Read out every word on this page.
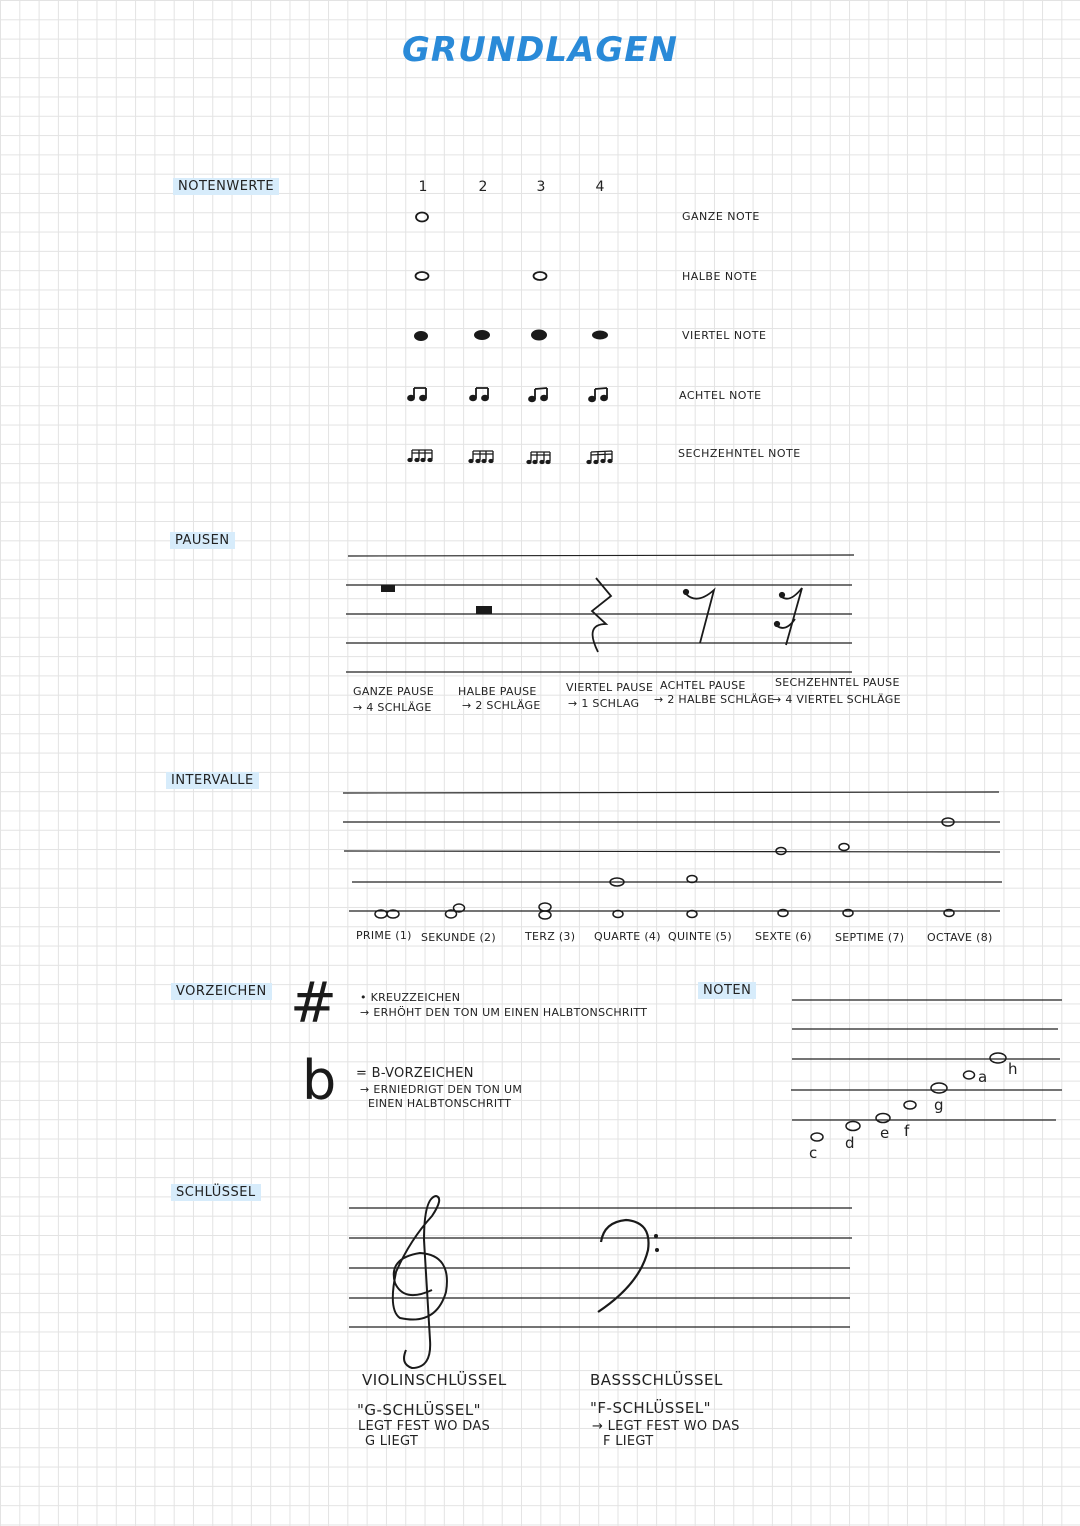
GRUNDLAGEN
NOTENWERTE	1	2	3	4
GANZE NOTE
HALBE NOTE
VIERTEL NOTE
ACHTEL NOTE
SECHZEHNTEL NOTE
PAUSEN
GANZE PAUSE
→ 4 SCHLÄGE
HALBE PAUSE
→ 2 SCHLÄGE
VIERTEL PAUSE
→ 1 SCHLAG
ACHTEL PAUSE
→ 2 HALBE SCHLÄGE
SECHZEHNTEL PAUSE
→ 4 VIERTEL SCHLÄGE
INTERVALLE
PRIME (1) SEKUNDE (2)	TERZ (3) QUARTE (4) QUINTE (5) SEXTE (6) SEPTIME (7) OCTAVE (8)
VORZEICHEN #
b
• KREUZZEICHEN
→ ERHÖHT DEN TON UM EINEN HALBTONSCHRITT
= B-VORZEICHEN
→ ERNIEDRIGT DEN TON UM
EINEN HALBTONSCHRITT
NOTEN
c
d
e f
g
a h
SCHLÜSSEL
VIOLINSCHLÜSSEL
"G-SCHLÜSSEL"
LEGT FEST WO DAS
G LIEGT
BASSSCHLÜSSEL
"F-SCHLÜSSEL"
→ LEGT FEST WO DAS
F LIEGT
